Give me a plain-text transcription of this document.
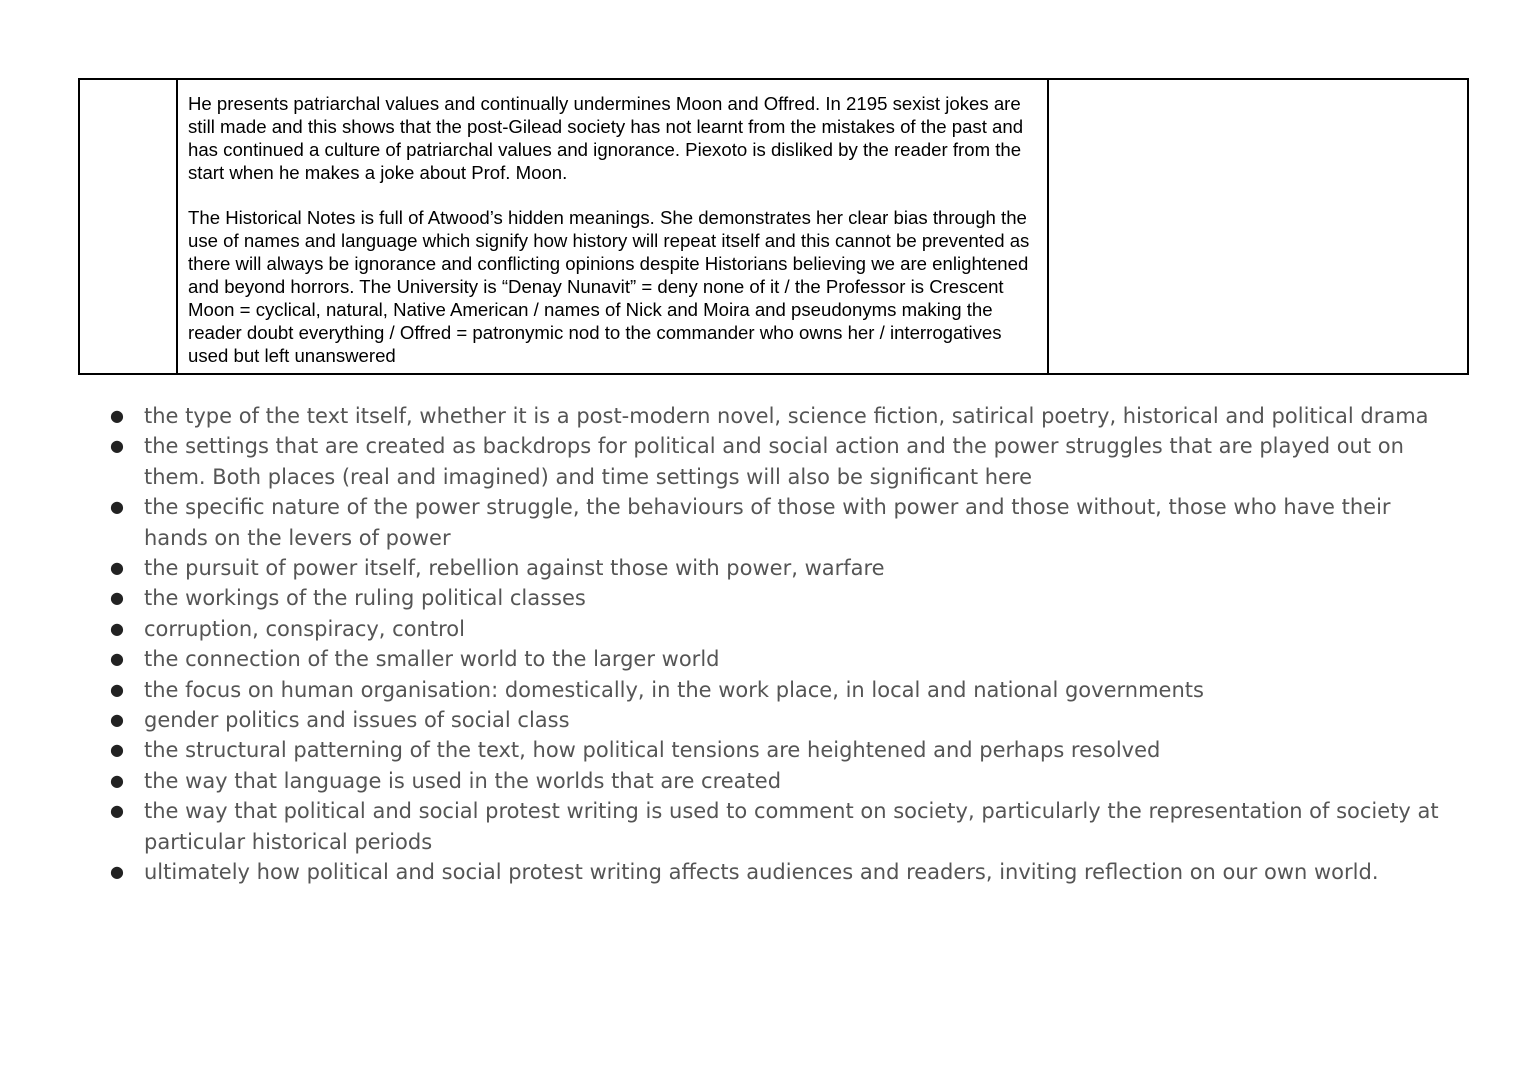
He presents patriarchal values and continually undermines Moon and Offred. In 2195 sexist jokes are still made and this shows that the post-Gilead society has not learnt from the mistakes of the past and has continued a culture of patriarchal values and ignorance. Piexoto is disliked by the reader from the start when he makes a joke about Prof. Moon.

The Historical Notes is full of Atwood’s hidden meanings. She demonstrates her clear bias through the use of names and language which signify how history will repeat itself and this cannot be prevented as there will always be ignorance and conflicting opinions despite Historians believing we are enlightened and beyond horrors. The University is “Denay Nunavit” = deny none of it / the Professor is Crescent Moon = cyclical, natural, Native American / names of Nick and Moira and pseudonyms making the reader doubt everything / Offred = patronymic nod to the commander who owns her / interrogatives used but left unanswered

● the type of the text itself, whether it is a post-modern novel, science fiction, satirical poetry, historical and political drama
● the settings that are created as backdrops for political and social action and the power struggles that are played out on them. Both places (real and imagined) and time settings will also be significant here
● the specific nature of the power struggle, the behaviours of those with power and those without, those who have their hands on the levers of power
● the pursuit of power itself, rebellion against those with power, warfare
● the workings of the ruling political classes
● corruption, conspiracy, control
● the connection of the smaller world to the larger world
● the focus on human organisation: domestically, in the work place, in local and national governments
● gender politics and issues of social class
● the structural patterning of the text, how political tensions are heightened and perhaps resolved
● the way that language is used in the worlds that are created
● the way that political and social protest writing is used to comment on society, particularly the representation of society at particular historical periods
● ultimately how political and social protest writing affects audiences and readers, inviting reflection on our own world.
